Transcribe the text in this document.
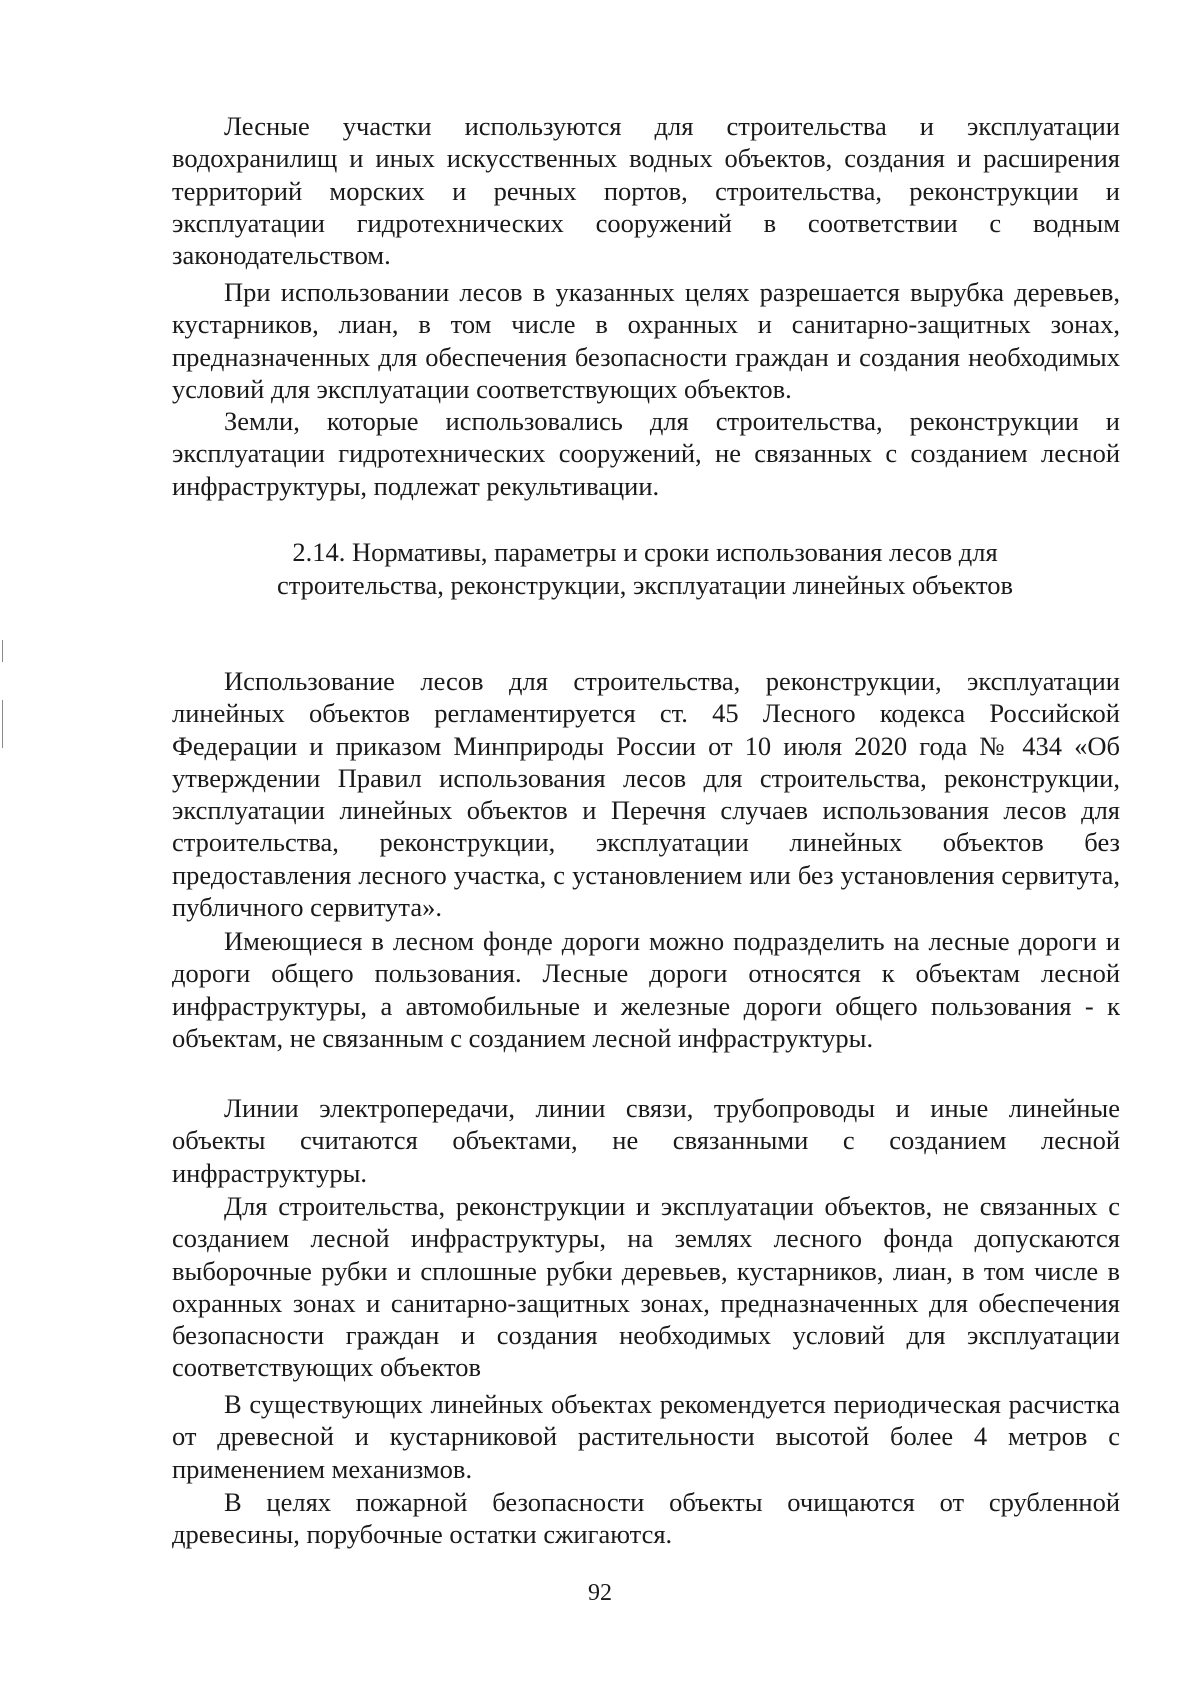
Лесные участки используются для строительства и эксплуатации водохранилищ и иных искусственных водных объектов, создания и расширения территорий морских и речных портов, строительства, реконструкции и эксплуатации гидротехнических сооружений в соответствии с водным законодательством.

При использовании лесов в указанных целях разрешается вырубка деревьев, кустарников, лиан, в том числе в охранных и санитарно-защитных зонах, предназначенных для обеспечения безопасности граждан и создания необходимых условий для эксплуатации соответствующих объектов.

Земли, которые использовались для строительства, реконструкции и эксплуатации гидротехнических сооружений, не связанных с созданием лесной инфраструктуры, подлежат рекультивации.

2.14. Нормативы, параметры и сроки использования лесов для строительства, реконструкции, эксплуатации линейных объектов

Использование лесов для строительства, реконструкции, эксплуатации линейных объектов регламентируется ст. 45 Лесного кодекса Российской Федерации и приказом Минприроды России от 10 июля 2020 года № 434 «Об утверждении Правил использования лесов для строительства, реконструкции, эксплуатации линейных объектов и Перечня случаев использования лесов для строительства, реконструкции, эксплуатации линейных объектов без предоставления лесного участка, с установлением или без установления сервитута, публичного сервитута».

Имеющиеся в лесном фонде дороги можно подразделить на лесные дороги и дороги общего пользования. Лесные дороги относятся к объектам лесной инфраструктуры, а автомобильные и железные дороги общего пользования - к объектам, не связанным с созданием лесной инфраструктуры.

Линии электропередачи, линии связи, трубопроводы и иные линейные объекты считаются объектами, не связанными с созданием лесной инфраструктуры.

Для строительства, реконструкции и эксплуатации объектов, не связанных с созданием лесной инфраструктуры, на землях лесного фонда допускаются выборочные рубки и сплошные рубки деревьев, кустарников, лиан, в том числе в охранных зонах и санитарно-защитных зонах, предназначенных для обеспечения безопасности граждан и создания необходимых условий для эксплуатации соответствующих объектов

В существующих линейных объектах рекомендуется периодическая расчистка от древесной и кустарниковой растительности высотой более 4 метров с применением механизмов.

В целях пожарной безопасности объекты очищаются от срубленной древесины, порубочные остатки сжигаются.

92
